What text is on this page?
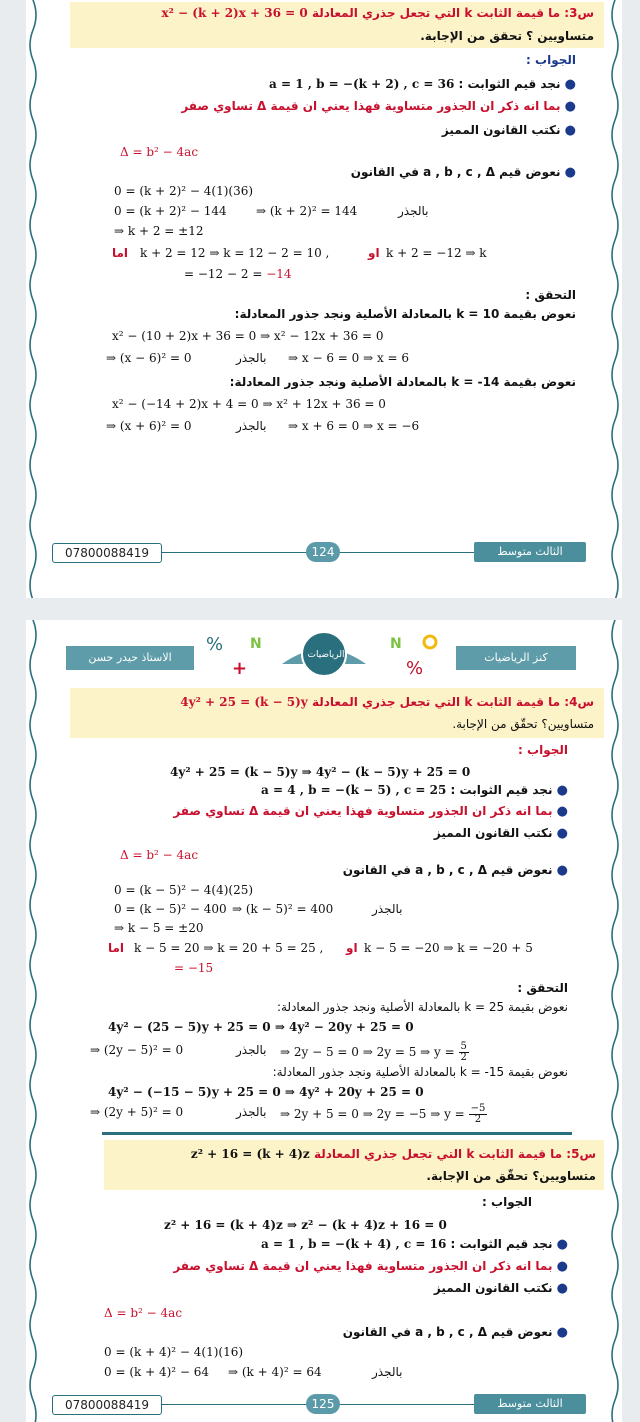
س3: ما قيمة الثابت k التي تجعل جذري المعادلة x² − (k + 2)x + 36 = 0
متساويين ؟ تحقق من الإجابة.
الجواب :
● نجد قيم الثوابت : a = 1 , b = −(k + 2) , c = 36
● بما انه ذكر ان الجذور متساوية فهذا يعني ان قيمة Δ تساوي صفر
● نكتب القانون المميز
Δ = b² − 4ac
● نعوض قيم a , b , c , Δ في القانون
0 = (k + 2)² − 4(1)(36)
0 = (k + 2)² − 144 ⇒ (k + 2)² = 144	بالجذر
⇒ k + 2 = ±12
اما k + 2 = 12 ⇒ k = 12 − 2 = 10 ,	او k + 2 = −12 ⇒ k
= −12 − 2 = −14
التحقق :
نعوض بقيمة k = 10 بالمعادلة الأصلية ونجد جذور المعادلة:
x² − (10 + 2)x + 36 = 0 ⇒ x² − 12x + 36 = 0
⇒ (x − 6)² = 0	بالجذر ⇒ x − 6 = 0 ⇒ x = 6
نعوض بقيمة k = -14 بالمعادلة الأصلية ونجد جذور المعادلة:
x² − (−14 + 2)x + 4 = 0 ⇒ x² + 12x + 36 = 0
⇒ (x + 6)² = 0	بالجذر ⇒ x + 6 = 0 ⇒ x = −6
07800088419	124	الثالث متوسط
الاستاذ حيدر حسن	كنز الرياضيات
% N
+
N
%
الرياضيات
س4: ما قيمة الثابت k التي تجعل جذري المعادلة 4y² + 25 = (k − 5)y
متساويين؟ تحقّق من الإجابة.
الجواب :
4y² + 25 = (k − 5)y ⇒ 4y² − (k − 5)y + 25 = 0
● نجد قيم الثوابت : a = 4 , b = −(k − 5) , c = 25
● بما انه ذكر ان الجذور متساوية فهذا يعني ان قيمة Δ تساوي صفر
● نكتب القانون المميز
Δ = b² − 4ac
● نعوض قيم a , b , c , Δ في القانون
0 = (k − 5)² − 4(4)(25)
0 = (k − 5)² − 400 ⇒ (k − 5)² = 400	بالجذر
⇒ k − 5 = ±20
اما k − 5 = 20 ⇒ k = 20 + 5 = 25 , او k − 5 = −20 ⇒ k = −20 + 5
= −15
التحقق :
نعوض بقيمة k = 25 بالمعادلة الأصلية ونجد جذور المعادلة:
4y² − (25 − 5)y + 25 = 0 ⇒ 4y² − 20y + 25 = 0
⇒ (2y − 5)² = 0	بالجذر ⇒ 2y − 5 = 0 ⇒ 2y = 5 ⇒ $y = \frac{5}{2}$
نعوض بقيمة k = -15 بالمعادلة الأصلية ونجد جذور المعادلة:
4y² − (−15 − 5)y + 25 = 0 ⇒ 4y² + 20y + 25 = 0
⇒ (2y + 5)² = 0	بالجذر ⇒ 2y + 5 = 0 ⇒ 2y = −5 ⇒ $y = \frac{-5}{2}$
س5: ما قيمة الثابت k التي تجعل جذري المعادلة z² + 16 = (k + 4)z
متساويين؟ تحقّق من الإجابة.
الجواب :
z² + 16 = (k + 4)z ⇒ z² − (k + 4)z + 16 = 0
● نجد قيم الثوابت : a = 1 , b = −(k + 4) , c = 16
● بما انه ذكر ان الجذور متساوية فهذا يعني ان قيمة Δ تساوي صفر
● نكتب القانون المميز
Δ = b² − 4ac
● نعوض قيم a , b , c , Δ في القانون
0 = (k + 4)² − 4(1)(16)
0 = (k + 4)² − 64 ⇒ (k + 4)² = 64	بالجذر
07800088419	125	الثالث متوسط
